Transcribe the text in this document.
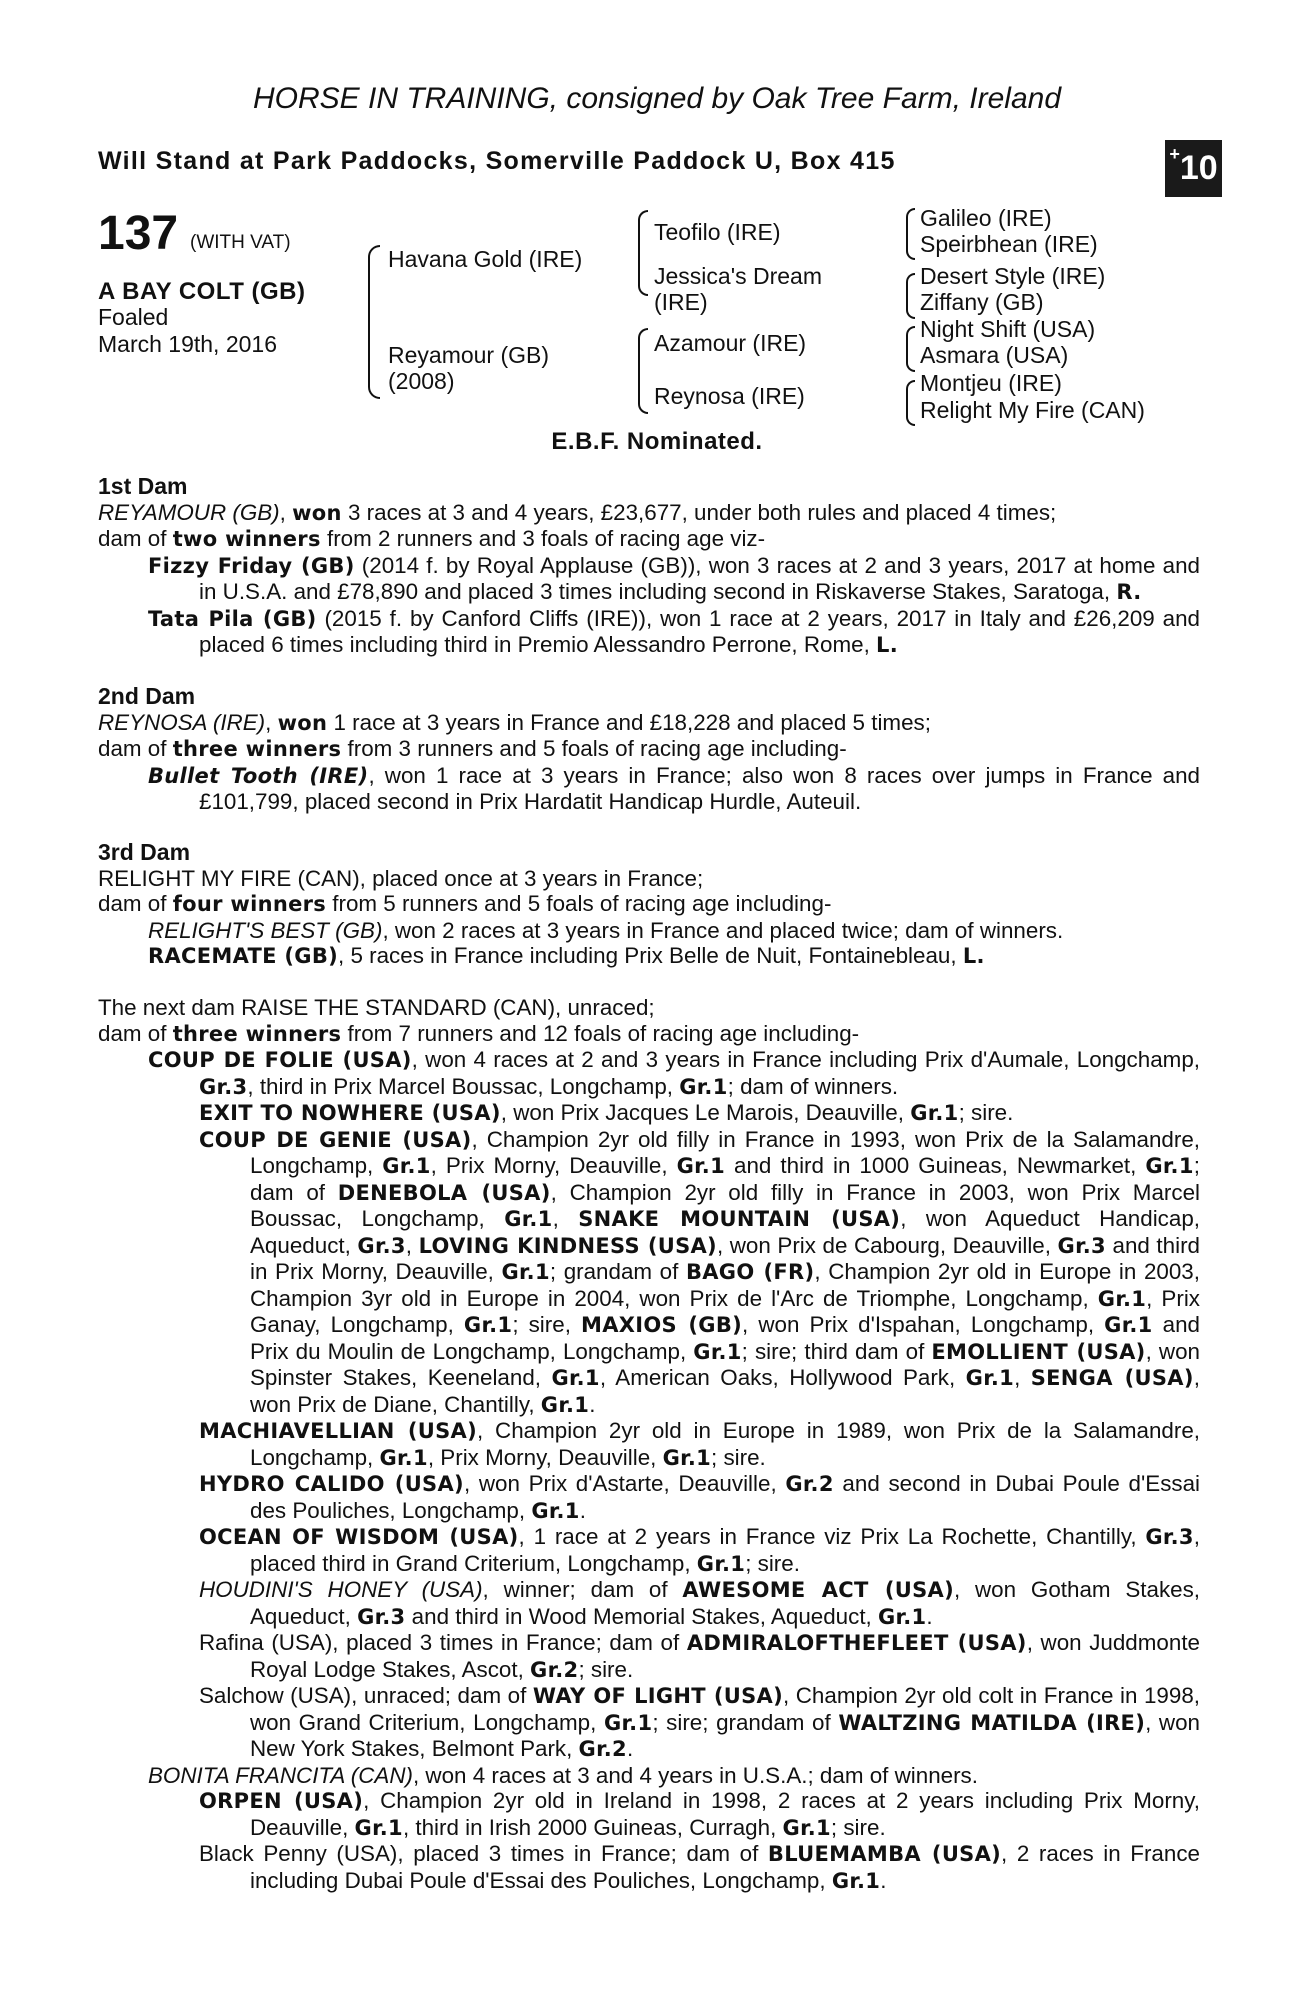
HORSE IN TRAINING, consigned by Oak Tree Farm, Ireland
Will Stand at Park Paddocks, Somerville Paddock U, Box 415	+10
137 (WITH VAT)
A BAY COLT (GB)
Foaled
March 19th, 2016
Havana Gold (IRE)
Reyamour (GB)
(2008)
Teofilo (IRE)
Jessica's Dream
(IRE)
Azamour (IRE)
Reynosa (IRE)
Galileo (IRE)
Speirbhean (IRE)
Desert Style (IRE)
Ziffany (GB)
Night Shift (USA)
Asmara (USA)
Montjeu (IRE)
Relight My Fire (CAN)
E.B.F. Nominated.

1st Dam

REYAMOUR (GB), won 3 races at 3 and 4 years, £23,677, under both rules and placed 4 times;

dam of two winners from 2 runners and 3 foals of racing age viz-

Fizzy Friday (GB) (2014 f. by Royal Applause (GB)), won 3 races at 2 and 3 years, 2017 at home and in U.S.A. and £78,890 and placed 3 times including second in Riskaverse Stakes, Saratoga, R.

Tata Pila (GB) (2015 f. by Canford Cliffs (IRE)), won 1 race at 2 years, 2017 in Italy and £26,209 and placed 6 times including third in Premio Alessandro Perrone, Rome, L.

2nd Dam

REYNOSA (IRE), won 1 race at 3 years in France and £18,228 and placed 5 times;

dam of three winners from 3 runners and 5 foals of racing age including-

Bullet Tooth (IRE), won 1 race at 3 years in France; also won 8 races over jumps in France and £101,799, placed second in Prix Hardatit Handicap Hurdle, Auteuil.

3rd Dam

RELIGHT MY FIRE (CAN), placed once at 3 years in France;

dam of four winners from 5 runners and 5 foals of racing age including-

RELIGHT'S BEST (GB), won 2 races at 3 years in France and placed twice; dam of winners.

RACEMATE (GB), 5 races in France including Prix Belle de Nuit, Fontainebleau, L.

The next dam RAISE THE STANDARD (CAN), unraced;

dam of three winners from 7 runners and 12 foals of racing age including-

COUP DE FOLIE (USA), won 4 races at 2 and 3 years in France including Prix d'Aumale, Longchamp, Gr.3, third in Prix Marcel Boussac, Longchamp, Gr.1; dam of winners.

EXIT TO NOWHERE (USA), won Prix Jacques Le Marois, Deauville, Gr.1; sire.

COUP DE GENIE (USA), Champion 2yr old filly in France in 1993, won Prix de la Salamandre, Longchamp, Gr.1, Prix Morny, Deauville, Gr.1 and third in 1000 Guineas, Newmarket, Gr.1; dam of DENEBOLA (USA), Champion 2yr old filly in France in 2003, won Prix Marcel Boussac, Longchamp, Gr.1, SNAKE MOUNTAIN (USA), won Aqueduct Handicap, Aqueduct, Gr.3, LOVING KINDNESS (USA), won Prix de Cabourg, Deauville, Gr.3 and third in Prix Morny, Deauville, Gr.1; grandam of BAGO (FR), Champion 2yr old in Europe in 2003, Champion 3yr old in Europe in 2004, won Prix de l'Arc de Triomphe, Longchamp, Gr.1, Prix Ganay, Longchamp, Gr.1; sire, MAXIOS (GB), won Prix d'Ispahan, Longchamp, Gr.1 and Prix du Moulin de Longchamp, Longchamp, Gr.1; sire; third dam of EMOLLIENT (USA), won Spinster Stakes, Keeneland, Gr.1, American Oaks, Hollywood Park, Gr.1, SENGA (USA), won Prix de Diane, Chantilly, Gr.1.

MACHIAVELLIAN (USA), Champion 2yr old in Europe in 1989, won Prix de la Salamandre, Longchamp, Gr.1, Prix Morny, Deauville, Gr.1; sire.

HYDRO CALIDO (USA), won Prix d'Astarte, Deauville, Gr.2 and second in Dubai Poule d'Essai des Pouliches, Longchamp, Gr.1.

OCEAN OF WISDOM (USA), 1 race at 2 years in France viz Prix La Rochette, Chantilly, Gr.3, placed third in Grand Criterium, Longchamp, Gr.1; sire.

HOUDINI'S HONEY (USA), winner; dam of AWESOME ACT (USA), won Gotham Stakes, Aqueduct, Gr.3 and third in Wood Memorial Stakes, Aqueduct, Gr.1.

Rafina (USA), placed 3 times in France; dam of ADMIRALOFTHEFLEET (USA), won Juddmonte Royal Lodge Stakes, Ascot, Gr.2; sire.

Salchow (USA), unraced; dam of WAY OF LIGHT (USA), Champion 2yr old colt in France in 1998, won Grand Criterium, Longchamp, Gr.1; sire; grandam of WALTZING MATILDA (IRE), won New York Stakes, Belmont Park, Gr.2.

BONITA FRANCITA (CAN), won 4 races at 3 and 4 years in U.S.A.; dam of winners.

ORPEN (USA), Champion 2yr old in Ireland in 1998, 2 races at 2 years including Prix Morny, Deauville, Gr.1, third in Irish 2000 Guineas, Curragh, Gr.1; sire.

Black Penny (USA), placed 3 times in France; dam of BLUEMAMBA (USA), 2 races in France including Dubai Poule d'Essai des Pouliches, Longchamp, Gr.1.
